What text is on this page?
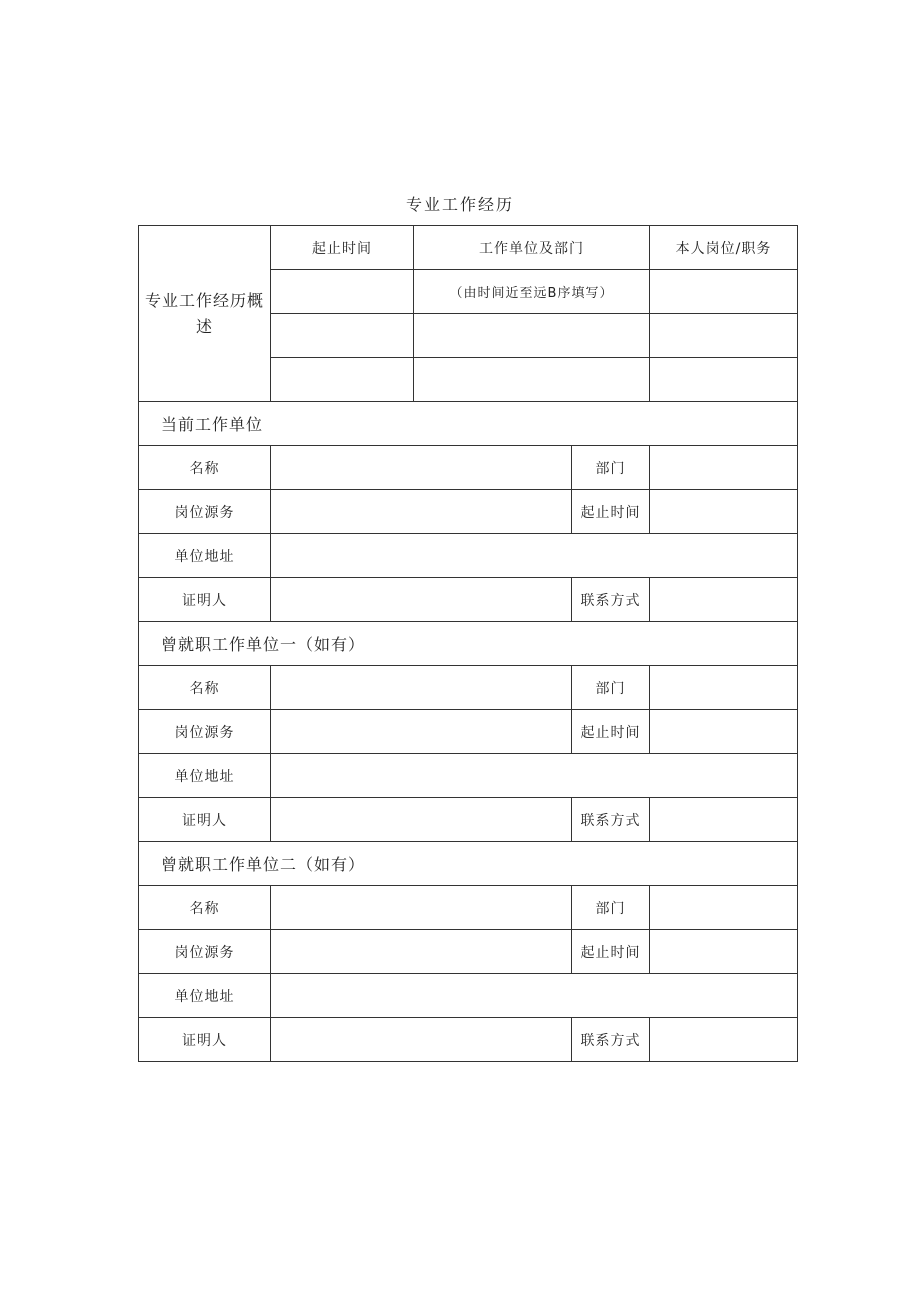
专业工作经历
专业工作经历概述	起止时间	工作单位及部门		本人岗位/职务
		（由时间近至远B序填写）		

当前工作单位				
名称			部门	
岗位源务			起止时间	
单位地址				
证明人			联系方式	
曾就职工作单位一（如有）				
名称			部门	
岗位源务			起止时间	
单位地址				
证明人			联系方式	
曾就职工作单位二（如有）				
名称			部门	
岗位源务			起止时间	
单位地址				
证明人			联系方式	
